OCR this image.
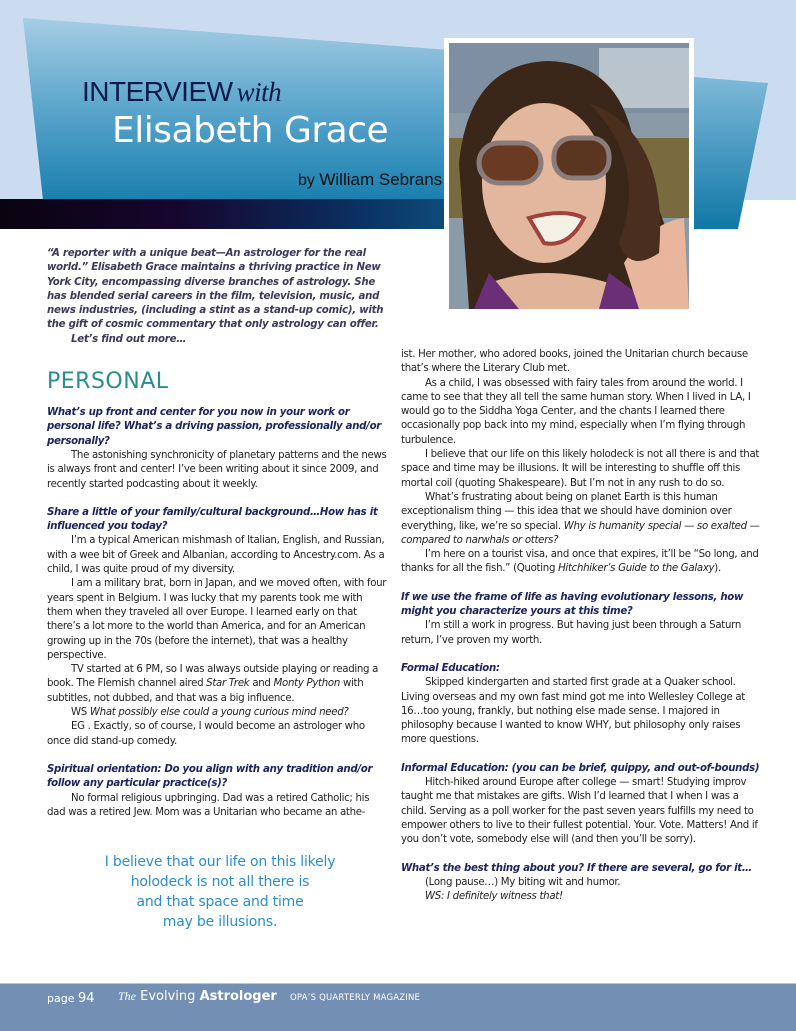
INTERVIEW with
Elisabeth Grace
by William Sebrans

“A reporter with a unique beat—An astrologer for the real world.” Elisabeth Grace maintains a thriving practice in New York City, encompassing diverse branches of astrology. She has blended serial careers in the film, television, music, and news industries, (including a stint as a stand-up comic), with the gift of cosmic commentary that only astrology can offer.
Let’s find out more…

PERSONAL

What’s up front and center for you now in your work or personal life? What’s a driving passion, professionally and/or personally?

The astonishing synchronicity of planetary patterns and the news is always front and center! I’ve been writing about it since 2009, and recently started podcasting about it weekly.

Share a little of your family/cultural background…How has it influenced you today?

I’m a typical American mishmash of Italian, English, and Russian, with a wee bit of Greek and Albanian, according to Ancestry.com. As a child, I was quite proud of my diversity.

I am a military brat, born in Japan, and we moved often, with four years spent in Belgium. I was lucky that my parents took me with them when they traveled all over Europe. I learned early on that there’s a lot more to the world than America, and for an American growing up in the 70s (before the internet), that was a healthy perspective.

TV started at 6 PM, so I was always outside playing or reading a book. The Flemish channel aired Star Trek and Monty Python with subtitles, not dubbed, and that was a big influence.

WS What possibly else could a young curious mind need?

EG . Exactly, so of course, I would become an astrologer who once did stand-up comedy.

Spiritual orientation: Do you align with any tradition and/or follow any particular practice(s)?

No formal religious upbringing. Dad was a retired Catholic; his dad was a retired Jew. Mom was a Unitarian who became an athe-

I believe that our life on this likely
holodeck is not all there is
and that space and time
may be illusions.

ist. Her mother, who adored books, joined the Unitarian church because that’s where the Literary Club met.

As a child, I was obsessed with fairy tales from around the world. I came to see that they all tell the same human story. When I lived in LA, I would go to the Siddha Yoga Center, and the chants I learned there occasionally pop back into my mind, especially when I’m flying through turbulence.

I believe that our life on this likely holodeck is not all there is and that space and time may be illusions. It will be interesting to shuffle off this mortal coil (quoting Shakespeare). But I’m not in any rush to do so.

What’s frustrating about being on planet Earth is this human exceptionalism thing — this idea that we should have dominion over everything, like, we’re so special. Why is humanity special — so exalted — compared to narwhals or otters?

I’m here on a tourist visa, and once that expires, it’ll be “So long, and thanks for all the fish.” (Quoting Hitchhiker’s Guide to the Galaxy).

If we use the frame of life as having evolutionary lessons, how might you characterize yours at this time?

I’m still a work in progress. But having just been through a Saturn return, I’ve proven my worth.

Formal Education:

Skipped kindergarten and started first grade at a Quaker school. Living overseas and my own fast mind got me into Wellesley College at 16…too young, frankly, but nothing else made sense. I majored in philosophy because I wanted to know WHY, but philosophy only raises more questions.

Informal Education: (you can be brief, quippy, and out-of-bounds)

Hitch-hiked around Europe after college — smart! Studying improv taught me that mistakes are gifts. Wish I’d learned that I when I was a child. Serving as a poll worker for the past seven years fulfills my need to empower others to live to their fullest potential. Your. Vote. Matters! And if you don’t vote, somebody else will (and then you’ll be sorry).

What’s the best thing about you? If there are several, go for it…

(Long pause…) My biting wit and humor.

WS: I definitely witness that!

page 94 The Evolving Astrologer OPA’S QUARTERLY MAGAZINE
